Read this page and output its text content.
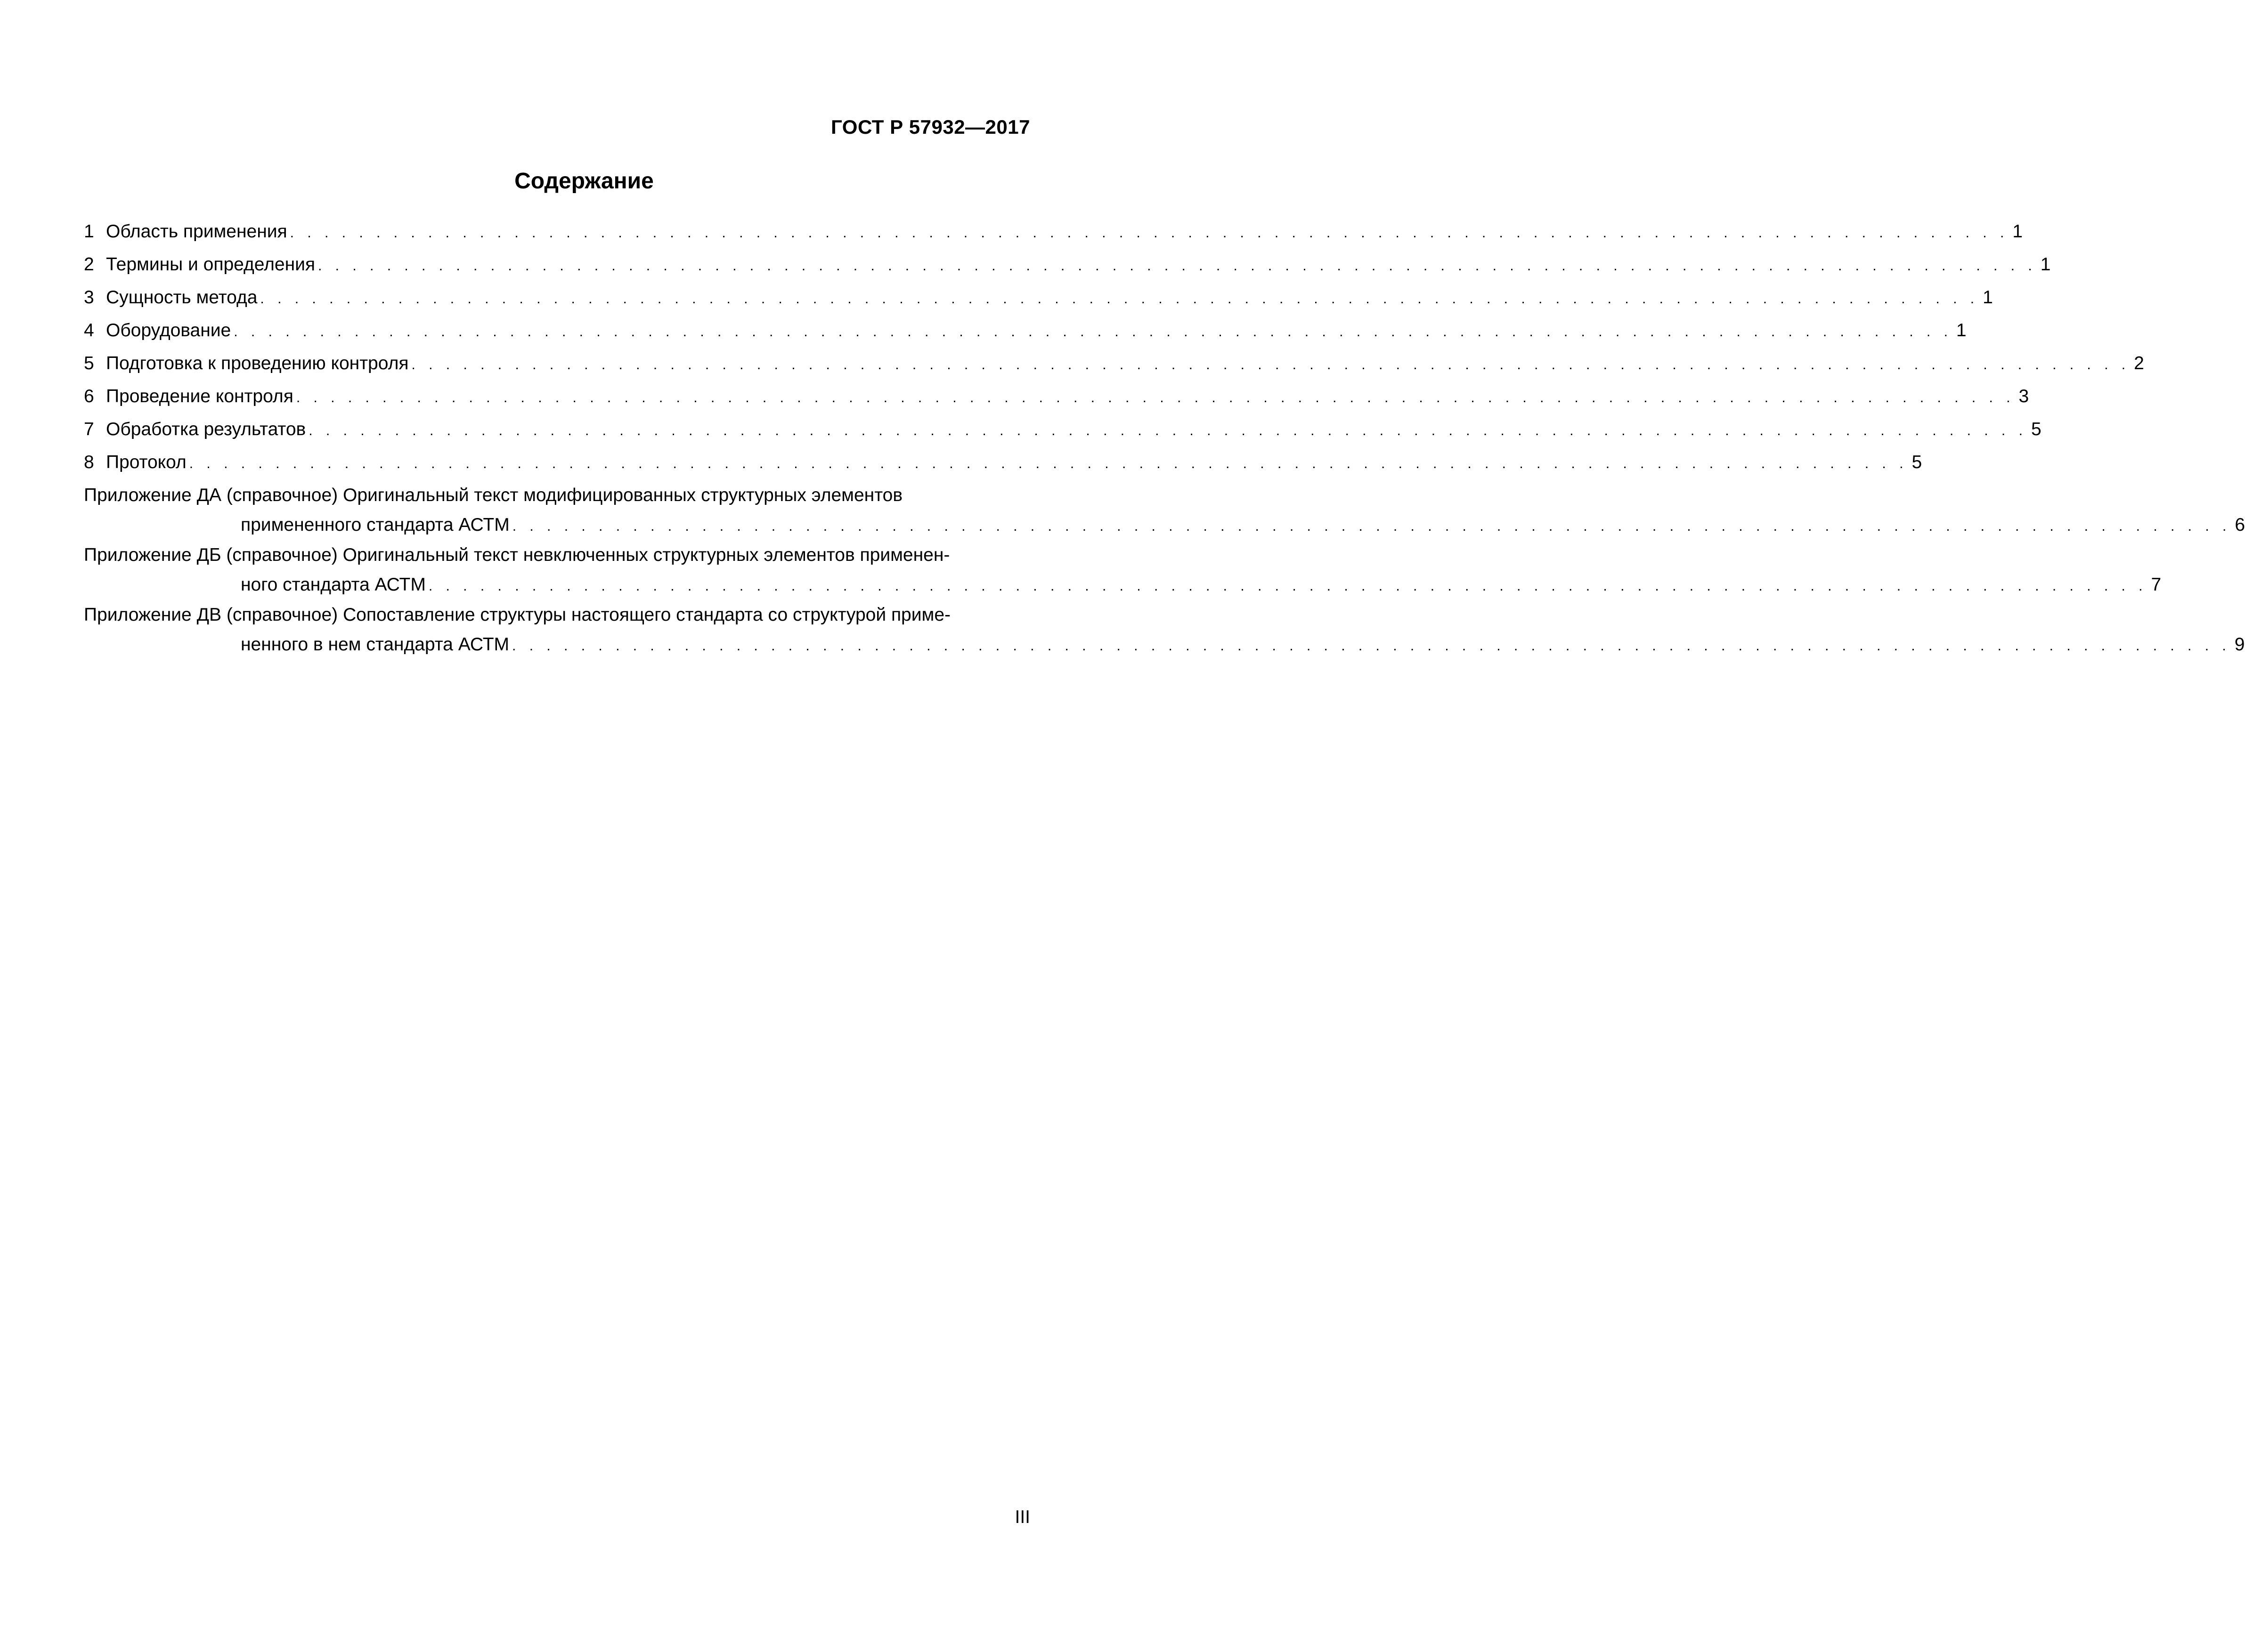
ГОСТ Р 57932—2017
Содержание
1 Область применения . . . . . . . . . . . . . . . . . . . . . . . . . . . . . . . . . . . . . . . . . . . . . . . . . . . . . . . . . . . . . . . . . . . . . . . . . . . . . . . . . . . . . . . . . . . . . . . . . . . . 1
2 Термины и определения . . . . . . . . . . . . . . . . . . . . . . . . . . . . . . . . . . . . . . . . . . . . . . . . . . . . . . . . . . . . . . . . . . . . . . . . . . . . . . . . . . . . . . . . . . . . . . . . . . . . 1
3 Сущность метода . . . . . . . . . . . . . . . . . . . . . . . . . . . . . . . . . . . . . . . . . . . . . . . . . . . . . . . . . . . . . . . . . . . . . . . . . . . . . . . . . . . . . . . . . . . . . . . . . . . . 1
4 Оборудование . . . . . . . . . . . . . . . . . . . . . . . . . . . . . . . . . . . . . . . . . . . . . . . . . . . . . . . . . . . . . . . . . . . . . . . . . . . . . . . . . . . . . . . . . . . . . . . . . . . . 1
5 Подготовка к проведению контроля . . . . . . . . . . . . . . . . . . . . . . . . . . . . . . . . . . . . . . . . . . . . . . . . . . . . . . . . . . . . . . . . . . . . . . . . . . . . . . . . . . . . . . . . . . . . . . . . . . . . 2
6 Проведение контроля . . . . . . . . . . . . . . . . . . . . . . . . . . . . . . . . . . . . . . . . . . . . . . . . . . . . . . . . . . . . . . . . . . . . . . . . . . . . . . . . . . . . . . . . . . . . . . . . . . . . 3
7 Обработка результатов . . . . . . . . . . . . . . . . . . . . . . . . . . . . . . . . . . . . . . . . . . . . . . . . . . . . . . . . . . . . . . . . . . . . . . . . . . . . . . . . . . . . . . . . . . . . . . . . . . . . 5
8 Протокол . . . . . . . . . . . . . . . . . . . . . . . . . . . . . . . . . . . . . . . . . . . . . . . . . . . . . . . . . . . . . . . . . . . . . . . . . . . . . . . . . . . . . . . . . . . . . . . . . . . . 5
Приложение ДА (справочное) Оригинальный текст модифицированных структурных элементов
примененного стандарта АСТМ . . . . . . . . . . . . . . . . . . . . . . . . . . . . . . . . . . . . . . . . . . . . . . . . . . . . . . . . . . . . . . . . . . . . . . . . . . . . . . . . . . . . . . . . . . . . . . . . . . . . 6
Приложение ДБ (справочное) Оригинальный текст невключенных структурных элементов применен-
ного стандарта АСТМ . . . . . . . . . . . . . . . . . . . . . . . . . . . . . . . . . . . . . . . . . . . . . . . . . . . . . . . . . . . . . . . . . . . . . . . . . . . . . . . . . . . . . . . . . . . . . . . . . . . . 7
Приложение ДВ (справочное) Сопоставление структуры настоящего стандарта со структурой приме-
ненного в нем стандарта АСТМ . . . . . . . . . . . . . . . . . . . . . . . . . . . . . . . . . . . . . . . . . . . . . . . . . . . . . . . . . . . . . . . . . . . . . . . . . . . . . . . . . . . . . . . . . . . . . . . . . . . . 9
III
